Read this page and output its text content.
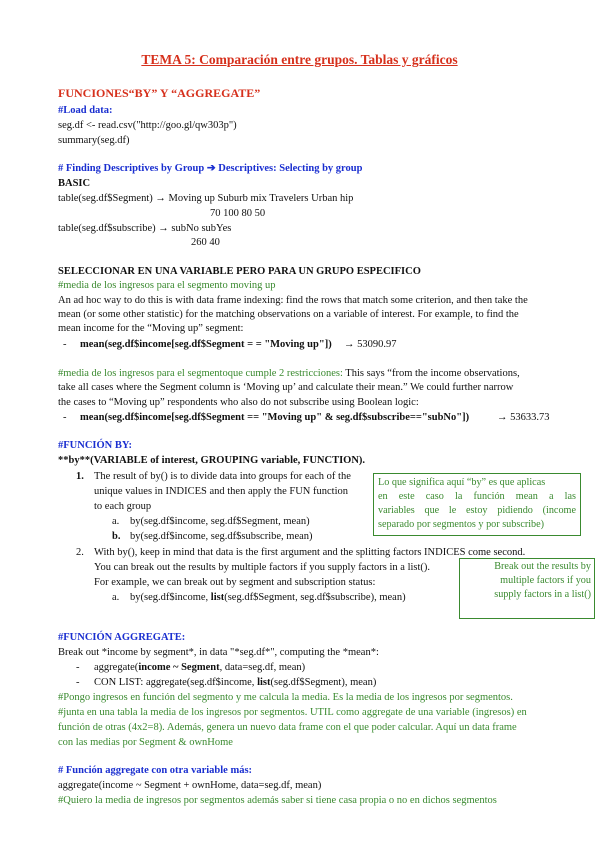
TEMA 5: Comparación entre grupos. Tablas y gráficos
FUNCIONES“BY” Y “AGGREGATE”
#Load data:
seg.df <- read.csv("http://goo.gl/qw303p")
summary(seg.df)
# Finding Descriptives by Group ➔ Descriptives: Selecting by group
BASIC
table(seg.df$Segment) → Moving up Suburb mix Travelers Urban hip
70 100 80 50
table(seg.df$subscribe) → subNo subYes
260 40
SELECCIONAR EN UNA VARIABLE PERO PARA UN GRUPO ESPECIFICO
#media de los ingresos para el segmento moving up
An ad hoc way to do this is with data frame indexing: find the rows that match some criterion, and then take the
mean (or some other statistic) for the matching observations on a variable of interest. For example, to find the
mean income for the “Moving up” segment:
- mean(seg.df$income[seg.df$Segment = = "Moving up"]) → 53090.97
#media de los ingresos para el segmentoque cumple 2 restricciones: This says “from the income observations,
take all cases where the Segment column is ‘Moving up’ and calculate their mean.” We could further narrow
the cases to “Moving up” respondents who also do not subscribe using Boolean logic:
- mean(seg.df$income[seg.df$Segment == "Moving up" & seg.df$subscribe=="subNo"])	→ 53633.73
#FUNCIÓN BY:
**by**(VARIABLE of interest, GROUPING variable, FUNCTION).
1. The result of by() is to divide data into groups for each of the
unique values in INDICES and then apply the FUN function
to each group
a. by(seg.df$income, seg.df$Segment, mean)
b. by(seg.df$income, seg.df$subscribe, mean)
Lo que significa aquí “by” es que aplicas
en este caso la función mean a las
variables que le estoy pidiendo (income
separado por segmentos y por subscribe)
2. With by(), keep in mind that data is the first argument and the splitting factors INDICES come second.
You can break out the results by multiple factors if you supply factors in a list().
For example, we can break out by segment and subscription status:
a. by(seg.df$income, list(seg.df$Segment, seg.df$subscribe), mean)
Break out the results by
multiple factors if you
supply factors in a list()
#FUNCIÓN AGGREGATE:
Break out *income by segment*, in data "*seg.df*", computing the *mean*:
- aggregate(income ~ Segment, data=seg.df, mean)
- CON LIST: aggregate(seg.df$income, list(seg.df$Segment), mean)
#Pongo ingresos en función del segmento y me calcula la media. Es la media de los ingresos por segmentos.
#junta en una tabla la media de los ingresos por segmentos. UTIL como aggregate de una variable (ingresos) en
función de otras (4x2=8). Además, genera un nuevo data frame con el que poder calcular. Aquí un data frame
con las medias por Segment & ownHome
# Función aggregate con otra variable más:
aggregate(income ~ Segment + ownHome, data=seg.df, mean)
#Quiero la media de ingresos por segmentos además saber si tiene casa propia o no en dichos segmentos
